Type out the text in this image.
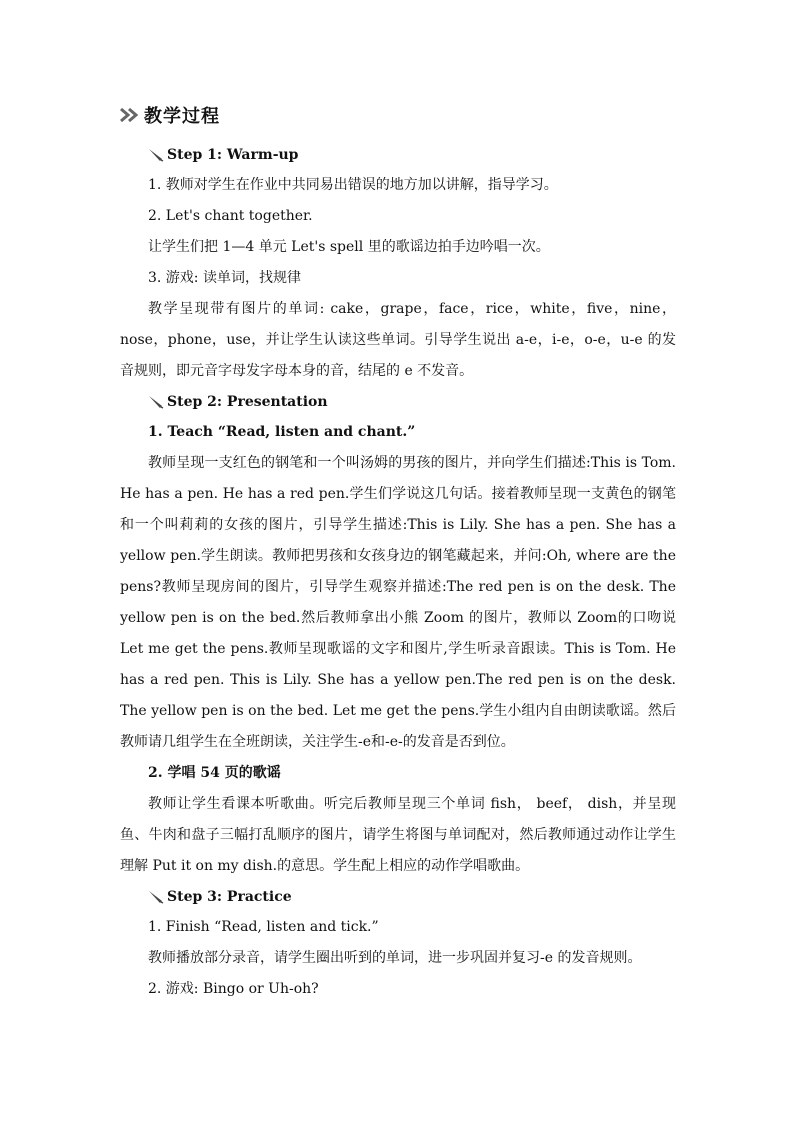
教学过程
Step 1: Warm-up
1. 教师对学生在作业中共同易出错误的地方加以讲解，指导学习。
2. Let's chant together.
让学生们把 1—4 单元 Let's spell 里的歌谣边拍手边吟唱一次。
3. 游戏: 读单词，找规律
教学呈现带有图片的单词: cake，grape，face，rice，white，five，nine，nose，phone，use，并让学生认读这些单词。引导学生说出 a-e，i-e，o-e，u-e 的发音规则，即元音字母发字母本身的音，结尾的 e 不发音。
Step 2: Presentation
1. Teach “Read, listen and chant.”
教师呈现一支红色的钢笔和一个叫汤姆的男孩的图片，并向学生们描述:This is Tom. He has a pen. He has a red pen.学生们学说这几句话。接着教师呈现一支黄色的钢笔和一个叫莉莉的女孩的图片，引导学生描述:This is Lily. She has a pen. She has a yellow pen.学生朗读。教师把男孩和女孩身边的钢笔藏起来，并问:Oh, where are the pens?教师呈现房间的图片，引导学生观察并描述:The red pen is on the desk. The yellow pen is on the bed.然后教师拿出小熊 Zoom 的图片，教师以 Zoom的口吻说Let me get the pens.教师呈现歌谣的文字和图片,学生听录音跟读。This is Tom. He has a red pen. This is Lily. She has a yellow pen.The red pen is on the desk. The yellow pen is on the bed. Let me get the pens.学生小组内自由朗读歌谣。然后教师请几组学生在全班朗读，关注学生-e和-e-的发音是否到位。
2. 学唱 54 页的歌谣
教师让学生看课本听歌曲。听完后教师呈现三个单词 fish， beef， dish，并呈现鱼、牛肉和盘子三幅打乱顺序的图片，请学生将图与单词配对，然后教师通过动作让学生理解 Put it on my dish.的意思。学生配上相应的动作学唱歌曲。
Step 3: Practice
1. Finish “Read, listen and tick.”
教师播放部分录音，请学生圈出听到的单词，进一步巩固并复习-e 的发音规则。
2. 游戏: Bingo or Uh-oh?
